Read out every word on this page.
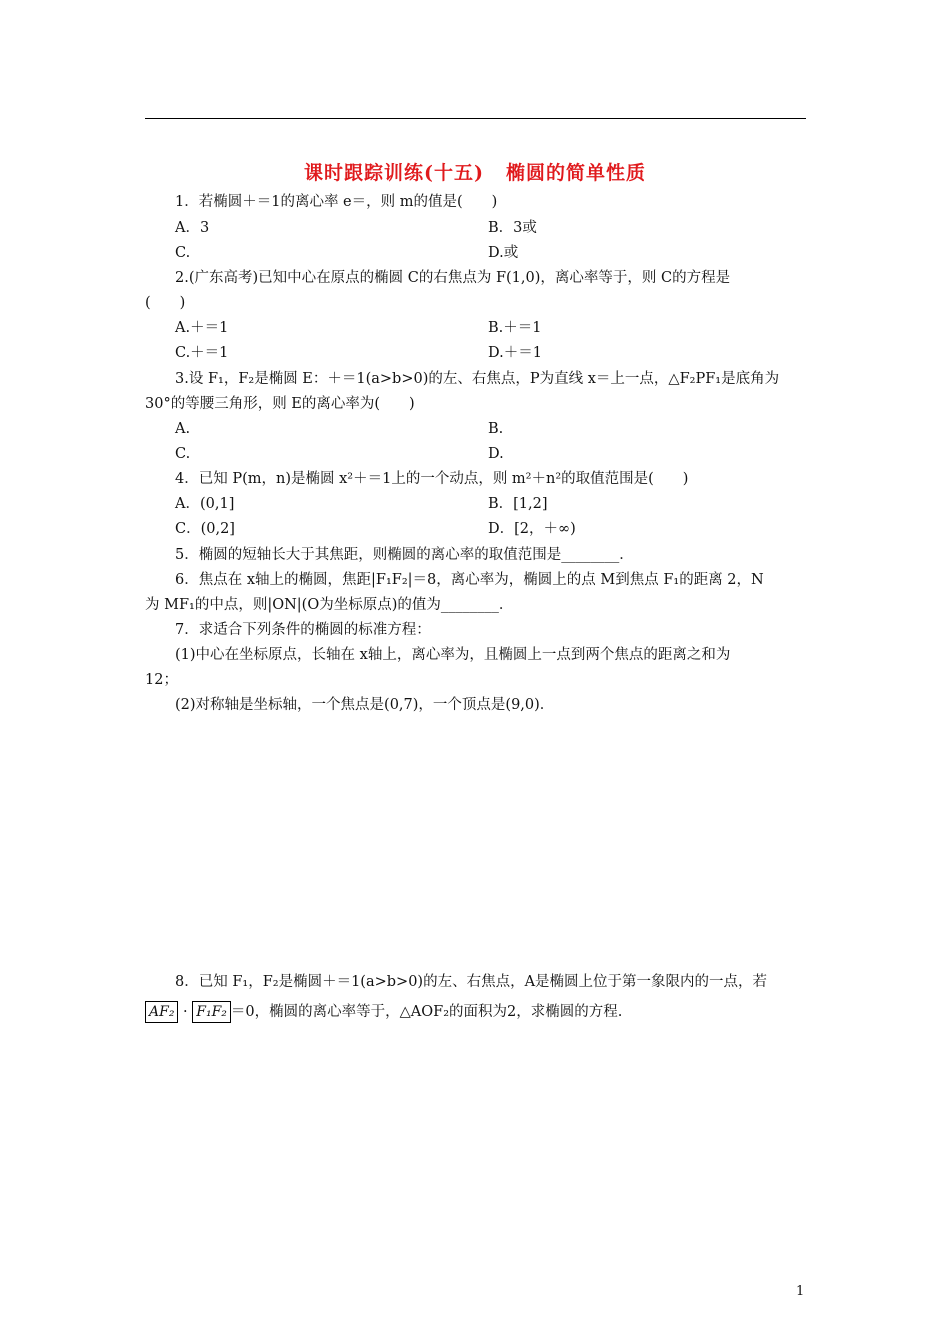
课时跟踪训练(十五) 椭圆的简单性质
1．若椭圆＋＝1的离心率 e＝，则 m的值是(　　)
A．3	B．3或
C.	D.或
2.(广东高考)已知中心在原点的椭圆 C的右焦点为 F(1,0)，离心率等于，则 C的方程是
(　　)
A.＋＝1	B.＋＝1
C.＋＝1	D.＋＝1
3.设 F₁，F₂是椭圆 E：＋＝1(a>b>0)的左、右焦点，P为直线 x＝上一点，△F₂PF₁是底角为
30°的等腰三角形，则 E的离心率为(　　)
A.	B.
C.	D.
4．已知 P(m，n)是椭圆 x²＋＝1上的一个动点，则 m²＋n²的取值范围是(　　)
A．(0,1]	B．[1,2]
C．(0,2]	D．[2，＋∞)
5．椭圆的短轴长大于其焦距，则椭圆的离心率的取值范围是________．
6．焦点在 x轴上的椭圆，焦距|F₁F₂|＝8，离心率为，椭圆上的点 M到焦点 F₁的距离 2，N
为 MF₁的中点，则|ON|(O为坐标原点)的值为________．
7．求适合下列条件的椭圆的标准方程：
(1)中心在坐标原点，长轴在 x轴上，离心率为，且椭圆上一点到两个焦点的距离之和为
12；
(2)对称轴是坐标轴，一个焦点是(0,7)，一个顶点是(9,0)．
8．已知 F₁，F₂是椭圆＋＝1(a>b>0)的左、右焦点，A是椭圆上位于第一象限内的一点，若
AF₂ · F₁F₂ ＝0，椭圆的离心率等于，△AOF₂的面积为2，求椭圆的方程.
1
